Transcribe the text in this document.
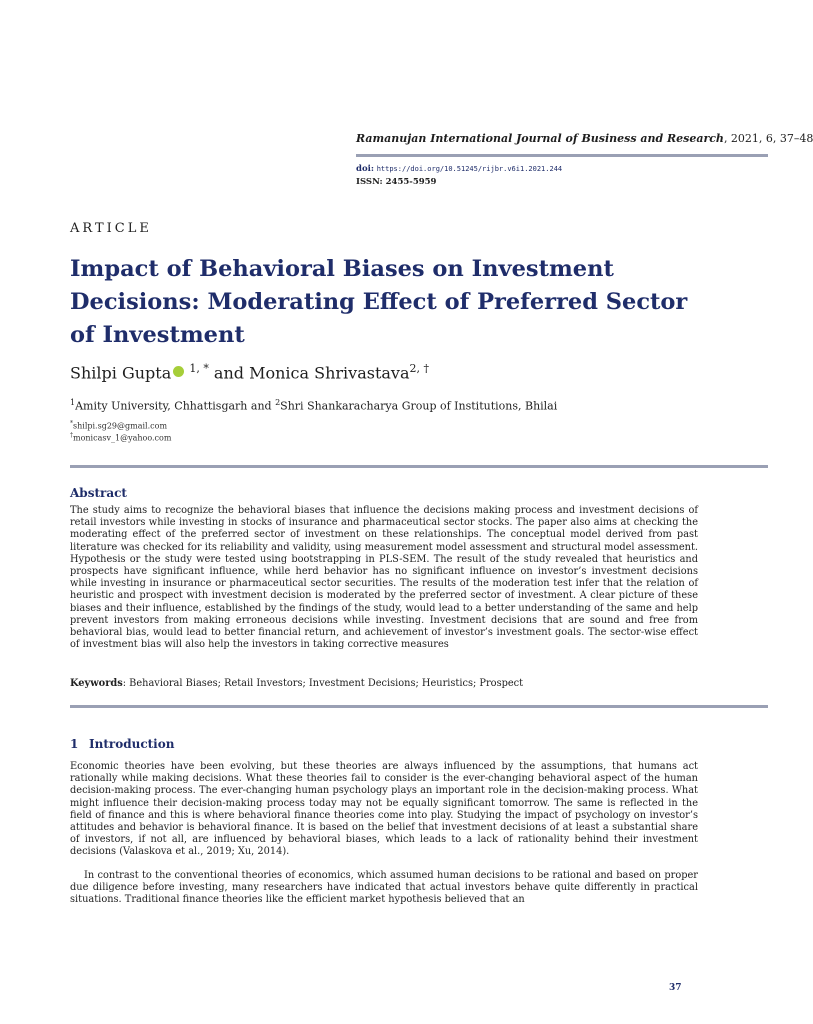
Ramanujan International Journal of Business and Research, 2021, 6, 37–48
doi: https://doi.org/10.51245/rijbr.v6i1.2021.244
ISSN: 2455-5959
ARTICLE
Impact of Behavioral Biases on Investment Decisions: Moderating Effect of Preferred Sector of Investment
Shilpi Gupta $^{1, *}$ and Monica Shrivastava$^{2, \dagger}$
$^1$Amity University, Chhattisgarh and $^2$Shri Shankaracharya Group of Institutions, Bhilai
*shilpi.sg29@gmail.com
†monicasv_1@yahoo.com
Abstract

The study aims to recognize the behavioral biases that influence the decisions making process and investment decisions of retail investors while investing in stocks of insurance and pharmaceutical sector stocks. The paper also aims at checking the moderating effect of the preferred sector of investment on these relationships. The conceptual model derived from past literature was checked for its reliability and validity, using measurement model assessment and structural model assessment. Hypothesis or the study were tested using bootstrapping in PLS-SEM. The result of the study revealed that heuristics and prospects have significant influence, while herd behavior has no significant influence on investor’s investment decisions while investing in insurance or pharmaceutical sector securities. The results of the moderation test infer that the relation of heuristic and prospect with investment decision is moderated by the preferred sector of investment. A clear picture of these biases and their influence, established by the findings of the study, would lead to a better understanding of the same and help prevent investors from making erroneous decisions while investing. Investment decisions that are sound and free from behavioral bias, would lead to better financial return, and achievement of investor’s investment goals. The sector-wise effect of investment bias will also help the investors in taking corrective measures

Keywords: Behavioral Biases; Retail Investors; Investment Decisions; Heuristics; Prospect
1 Introduction

Economic theories have been evolving, but these theories are always influenced by the assumptions, that humans act rationally while making decisions. What these theories fail to consider is the ever-changing behavioral aspect of the human decision-making process. The ever-changing human psychology plays an important role in the decision-making process. What might influence their decision-making process today may not be equally significant tomorrow. The same is reflected in the field of finance and this is where behavioral finance theories come into play. Studying the impact of psychology on investor’s attitudes and behavior is behavioral finance. It is based on the belief that investment decisions of at least a substantial share of investors, if not all, are influenced by behavioral biases, which leads to a lack of rationality behind their investment decisions (Valaskova et al., 2019; Xu, 2014).

In contrast to the conventional theories of economics, which assumed human decisions to be rational and based on proper due diligence before investing, many researchers have indicated that actual investors behave quite differently in practical situations. Traditional finance theories like the efficient market hypothesis believed that an

37
